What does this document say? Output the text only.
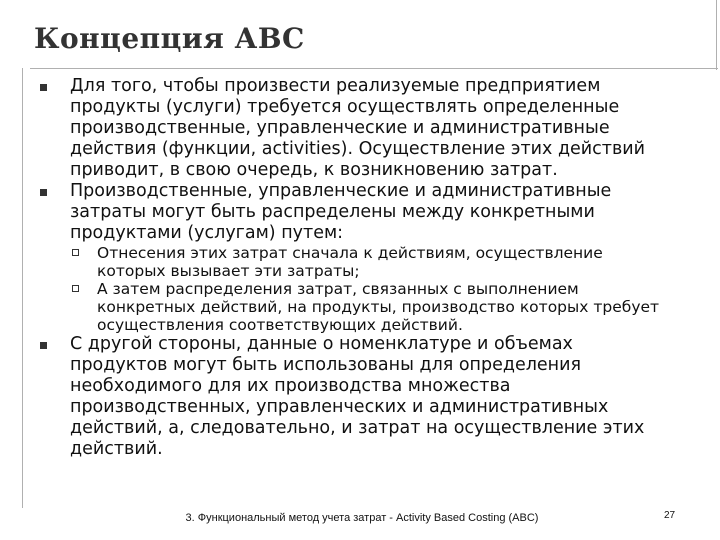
Концепция АВС
Для того, чтобы произвести реализуемые предприятием продукты (услуги) требуется осуществлять определенные производственные, управленческие и административные действия (функции, activities). Осуществление этих действий приводит, в свою очередь, к возникновению затрат.
Производственные, управленческие и административные затраты могут быть распределены между конкретными продуктами (услугам) путем:
Отнесения этих затрат сначала к действиям, осуществление которых вызывает эти затраты;
А затем распределения затрат, связанных с выполнением конкретных действий, на продукты, производство которых требует осуществления соответствующих действий.
С другой стороны, данные о номенклатуре и объемах продуктов могут быть использованы для определения необходимого для их производства множества производственных, управленческих и административных действий, а, следовательно, и затрат на осуществление этих действий.
3. Функциональный метод учета затрат - Activity Based Costing (ABC)	27
